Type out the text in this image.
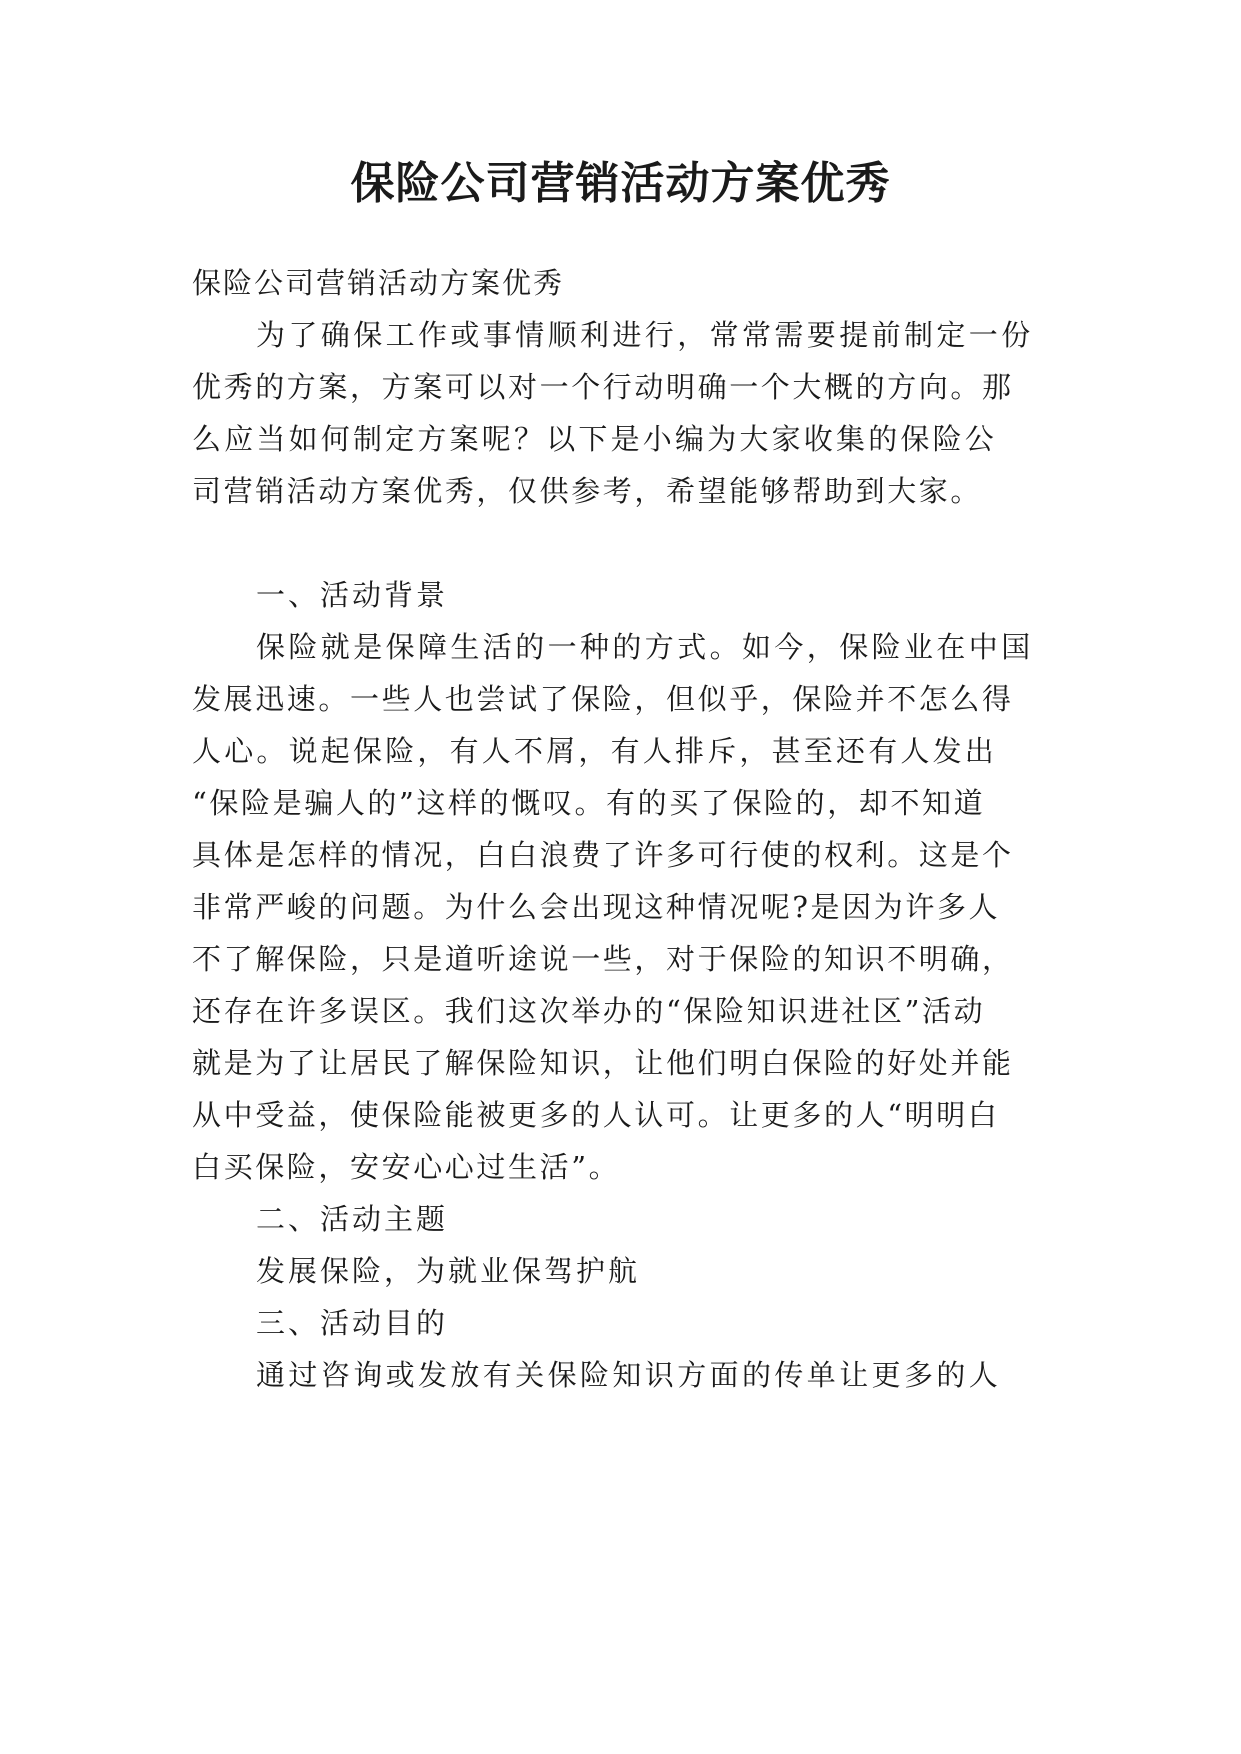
保险公司营销活动方案优秀

保险公司营销活动方案优秀

为了确保工作或事情顺利进行，常常需要提前制定一份

优秀的方案，方案可以对一个行动明确一个大概的方向。那

么应当如何制定方案呢？以下是小编为大家收集的保险公

司营销活动方案优秀，仅供参考，希望能够帮助到大家。

一、活动背景

保险就是保障生活的一种的方式。如今，保险业在中国

发展迅速。一些人也尝试了保险，但似乎，保险并不怎么得

人心。说起保险，有人不屑，有人排斥，甚至还有人发出

“保险是骗人的”这样的慨叹。有的买了保险的，却不知道

具体是怎样的情况，白白浪费了许多可行使的权利。这是个

非常严峻的问题。为什么会出现这种情况呢?是因为许多人

不了解保险，只是道听途说一些，对于保险的知识不明确，

还存在许多误区。我们这次举办的“保险知识进社区”活动

就是为了让居民了解保险知识，让他们明白保险的好处并能

从中受益，使保险能被更多的人认可。让更多的人“明明白

白买保险，安安心心过生活”。

二、活动主题

发展保险，为就业保驾护航

三、活动目的

通过咨询或发放有关保险知识方面的传单让更多的人
